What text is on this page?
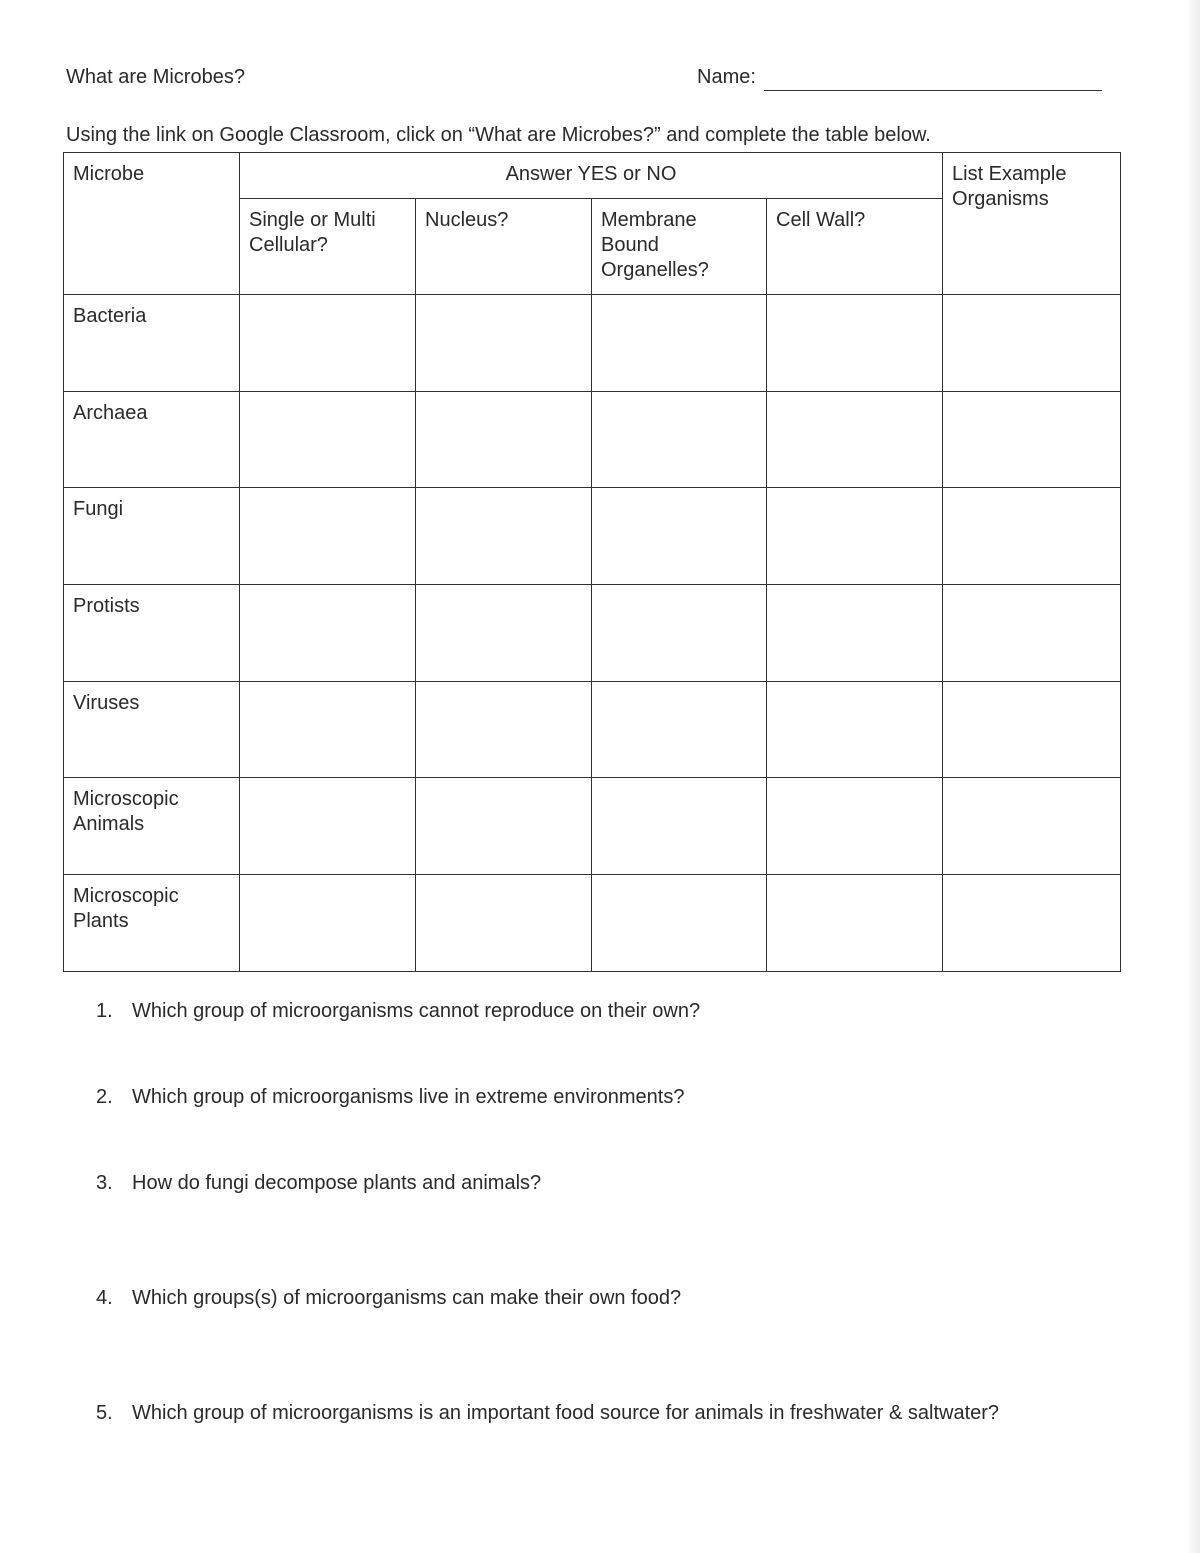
What are Microbes?	Name:
Using the link on Google Classroom, click on “What are Microbes?” and complete the table below.
Microbe	Answer YES or NO				List Example Organisms
	Single or Multi Cellular?	Nucleus?	Membrane Bound Organelles?	Cell Wall?	
Bacteria					
Archaea					
Fungi					
Protists					
Viruses					
Microscopic Animals					
Microscopic Plants					
1. Which group of microorganisms cannot reproduce on their own?
2. Which group of microorganisms live in extreme environments?
3. How do fungi decompose plants and animals?
4. Which groups(s) of microorganisms can make their own food?
5. Which group of microorganisms is an important food source for animals in freshwater & saltwater?
